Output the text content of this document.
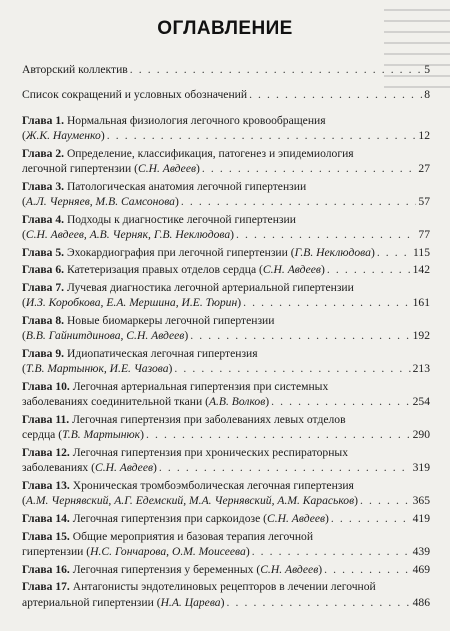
ОГЛАВЛЕНИЕ
Авторский коллектив . . .	5
Список сокращений и условных обозначений . . .	8
Глава 1. Нормальная физиология легочного кровообращения
(Ж.К. Науменко) . . .	12
Глава 2. Определение, классификация, патогенез и эпидемиология
легочной гипертензии (С.Н. Авдеев) . . .	27
Глава 3. Патологическая анатомия легочной гипертензии
(А.Л. Черняев, М.В. Самсонова) . . .	57
Глава 4. Подходы к диагностике легочной гипертензии
(С.Н. Авдеев, А.В. Черняк, Г.В. Неклюдова) . . .	77
Глава 5. Эхокардиография при легочной гипертензии (Г.В. Неклюдова) . . .	115
Глава 6. Катетеризация правых отделов сердца (С.Н. Авдеев) . . .	142
Глава 7. Лучевая диагностика легочной артериальной гипертензии
(И.З. Коробкова, Е.А. Мершина, И.Е. Тюрин) . . .	161
Глава 8. Новые биомаркеры легочной гипертензии
(В.В. Гайнитдинова, С.Н. Авдеев) . . .	192
Глава 9. Идиопатическая легочная гипертензия
(Т.В. Мартынюк, И.Е. Чазова) . . .	213
Глава 10. Легочная артериальная гипертензия при системных
заболеваниях соединительной ткани (А.В. Волков) . . .	254
Глава 11. Легочная гипертензия при заболеваниях левых отделов
сердца (Т.В. Мартынюк) . . .	290
Глава 12. Легочная гипертензия при хронических респираторных
заболеваниях (С.Н. Авдеев) . . .	319
Глава 13. Хроническая тромбоэмболическая легочная гипертензия
(А.М. Чернявский, А.Г. Едемский, М.А. Чернявский, А.М. Караськов) . . .	365
Глава 14. Легочная гипертензия при саркоидозе (С.Н. Авдеев) . . .	419
Глава 15. Общие мероприятия и базовая терапия легочной
гипертензии (Н.С. Гончарова, О.М. Моисеева) . . .	439
Глава 16. Легочная гипертензия у беременных (С.Н. Авдеев) . . .	469
Глава 17. Антагонисты эндотелиновых рецепторов в лечении легочной
артериальной гипертензии (Н.А. Царева) . . .	486
